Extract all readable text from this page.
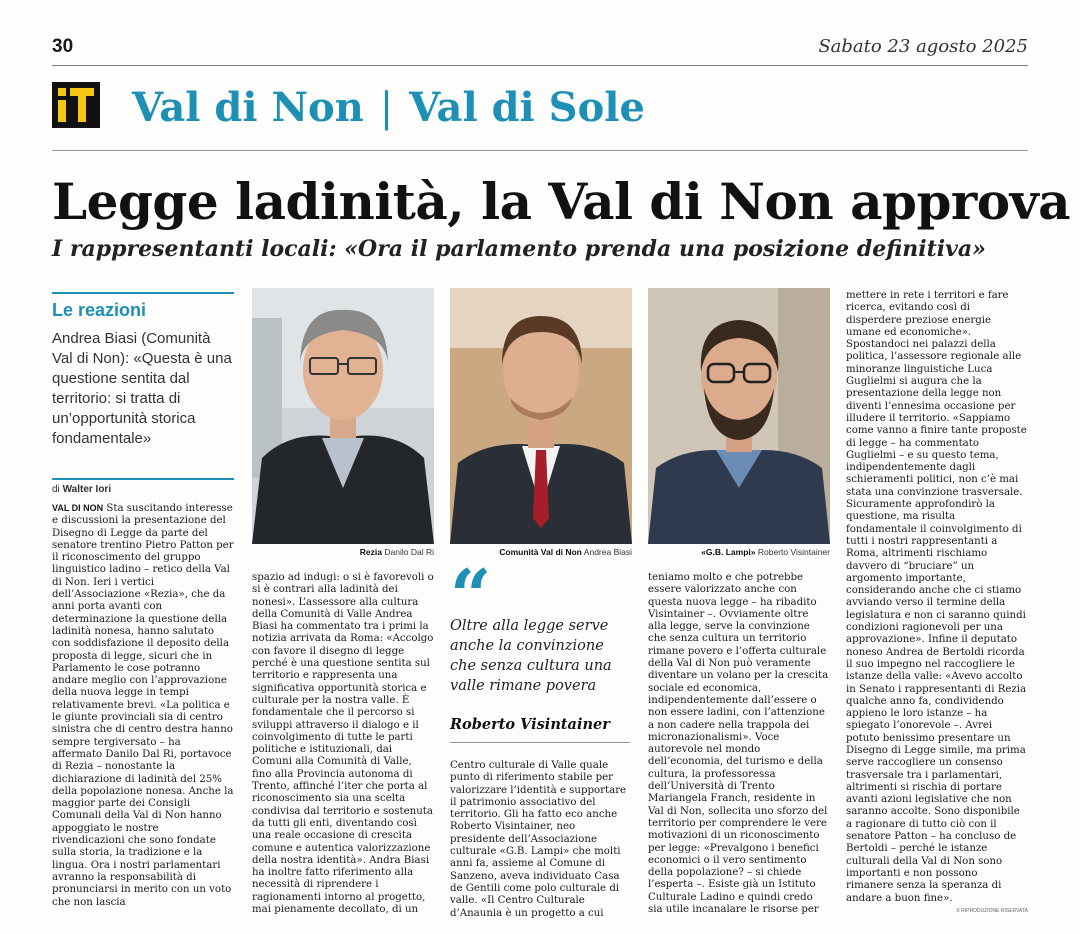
30	Sabato 23 agosto 2025
Val di Non | Val di Sole
Legge ladinità, la Val di Non approva
I rappresentanti locali: «Ora il parlamento prenda una posizione definitiva»
Le reazioni

Andrea Biasi (Comunità Val di Non): «Questa è una questione sentita dal territorio: si tratta di un’opportunità storica fondamentale»

di Walter Iori
VAL DI NON Sta suscitando interesse e discussioni la presentazione del Disegno di Legge da parte del senatore trentino Pietro Patton per il riconoscimento del gruppo linguistico ladino – retico della Val di Non. Ieri i vertici dell’Associazione «Rezia», che da anni porta avanti con determinazione la questione della ladinità nonesa, hanno salutato con soddisfazione il deposito della proposta di legge, sicuri che in Parlamento le cose potranno andare meglio con l’approvazione della nuova legge in tempi relativamente brevi. «La politica e le giunte provinciali sia di centro sinistra che di centro destra hanno sempre tergiversato – ha affermato Danilo Dal Ri, portavoce di Rezia – nonostante la dichiarazione di ladinità del 25% della popolazione nonesa. Anche la maggior parte dei Consigli Comunali della Val di Non hanno appoggiato le nostre rivendicazioni che sono fondate sulla storia, la tradizione e la lingua. Ora i nostri parlamentari avranno la responsabilità di pronunciarsi in merito con un voto che non lascia
Rezia Danilo Dal Ri	Comunità Val di Non Andrea Biasi	«G.B. Lampi» Roberto Visintainer
spazio ad indugi: o si è favorevoli o si è contrari alla ladinità dei nonesi». L’assessore alla cultura della Comunità di Valle Andrea Biasi ha commentato tra i primi la notizia arrivata da Roma: «Accolgo con favore il disegno di legge perché è una questione sentita sul territorio e rappresenta una significativa opportunità storica e culturale per la nostra valle. È fondamentale che il percorso si sviluppi attraverso il dialogo e il coinvolgimento di tutte le parti politiche e istituzionali, dai Comuni alla Comunità di Valle, fino alla Provincia autonoma di Trento, affinché l’iter che porta al riconoscimento sia una scelta condivisa dal territorio e sostenuta da tutti gli enti, diventando così una reale occasione di crescita comune e autentica valorizzazione della nostra identità». Andra Biasi ha inoltre fatto riferimento alla necessità di riprendere i ragionamenti intorno al progetto, mai pienamente decollato, di un
“
Oltre alla legge serve anche la convinzione che senza cultura una valle rimane povera
Roberto Visintainer
Centro culturale di Valle quale punto di riferimento stabile per valorizzare l’identità e supportare il patrimonio associativo del territorio. Gli ha fatto eco anche Roberto Visintainer, neo presidente dell’Associazione culturale «G.B. Lampi» che molti anni fa, assieme al Comune di Sanzeno, aveva individuato Casa de Gentili come polo culturale di valle. «Il Centro Culturale d’Anaunia è un progetto a cui
teniamo molto e che potrebbe essere valorizzato anche con questa nuova legge – ha ribadito Visintainer –. Ovviamente oltre alla legge, serve la convinzione che senza cultura un territorio rimane povero e l’offerta culturale della Val di Non può veramente diventare un volano per la crescita sociale ed economica, indipendentemente dall’essere o non essere ladini, con l’attenzione a non cadere nella trappola dei micronazionalismi». Voce autorevole nel mondo dell’economia, del turismo e della cultura, la professoressa dell’Università di Trento Mariangela Franch, residente in Val di Non, sollecita uno sforzo del territorio per comprendere le vere motivazioni di un riconoscimento per legge: «Prevalgono i benefici economici o il vero sentimento della popolazione? – si chiede l’esperta –. Esiste già un Istituto Culturale Ladino e quindi credo sia utile incanalare le risorse per
mettere in rete i territori e fare ricerca, evitando così di disperdere preziose energie umane ed economiche». Spostandoci nei palazzi della politica, l’assessore regionale alle minoranze linguistiche Luca Guglielmi si augura che la presentazione della legge non diventi l’ennesima occasione per illudere il territorio. «Sappiamo come vanno a finire tante proposte di legge – ha commentato Guglielmi – e su questo tema, indipendentemente dagli schieramenti politici, non c’è mai stata una convinzione trasversale. Sicuramente approfondirò la questione, ma risulta fondamentale il coinvolgimento di tutti i nostri rappresentanti a Roma, altrimenti rischiamo davvero di “bruciare” un argomento importante, considerando anche che ci stiamo avviando verso il termine della legislatura e non ci saranno quindi condizioni ragionevoli per una approvazione». Infine il deputato noneso Andrea de Bertoldi ricorda il suo impegno nel raccogliere le istanze della valle: «Avevo accolto in Senato i rappresentanti di Rezia qualche anno fa, condividendo appieno le loro istanze – ha spiegato l’onorevole –. Avrei potuto benissimo presentare un Disegno di Legge simile, ma prima serve raccogliere un consenso trasversale tra i parlamentari, altrimenti si rischia di portare avanti azioni legislative che non saranno accolte. Sono disponibile a ragionare di tutto ciò con il senatore Patton – ha concluso de Bertoldi – perché le istanze culturali della Val di Non sono importanti e non possono rimanere senza la speranza di andare a buon fine».
© RIPRODUZIONE RISERVATA
